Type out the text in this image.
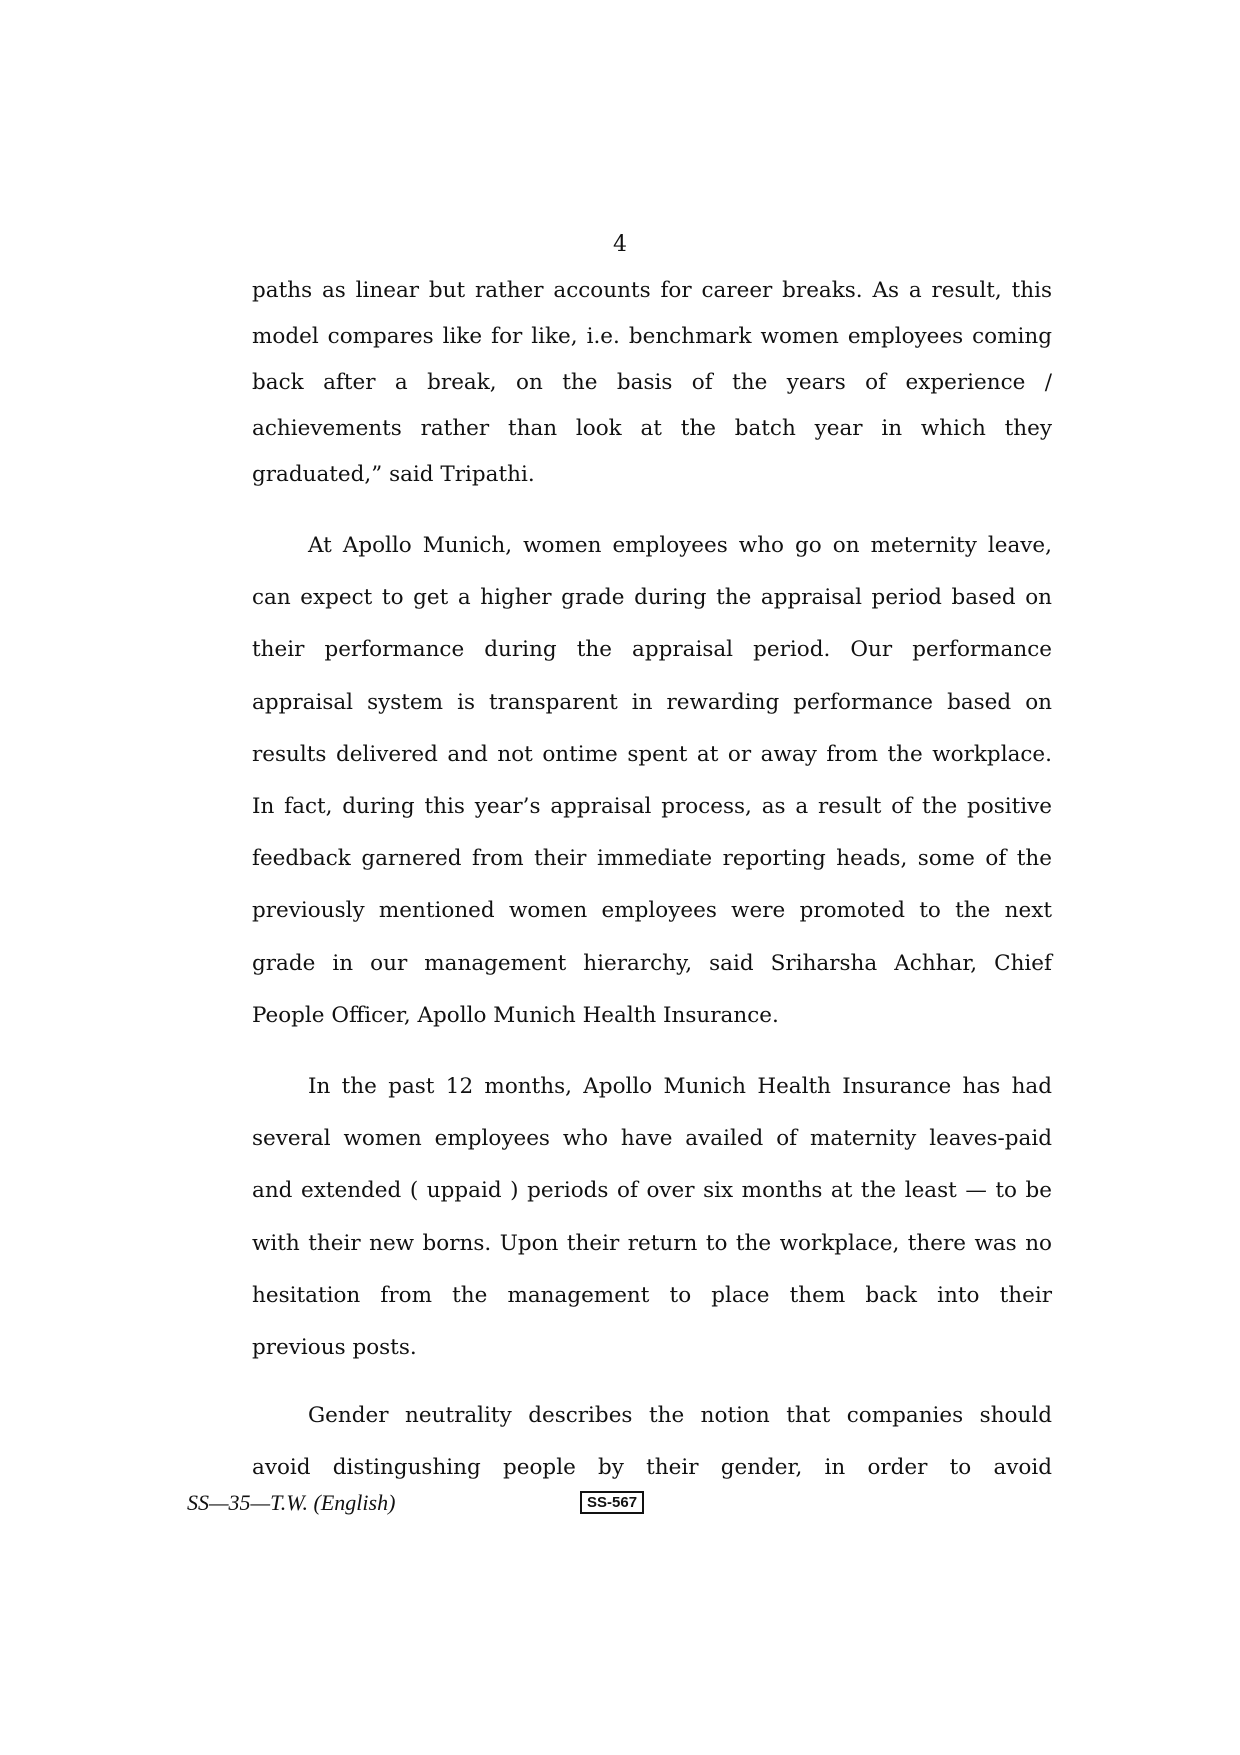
4

paths as linear but rather accounts for career breaks. As a result, this
model compares like for like, i.e. benchmark women employees coming
back after a break, on the basis of the years of experience /
achievements rather than look at the batch year in which they
graduated,” said Tripathi.

At Apollo Munich, women employees who go on meternity leave,
can expect to get a higher grade during the appraisal period based on
their performance during the appraisal period. Our performance
appraisal system is transparent in rewarding performance based on
results delivered and not ontime spent at or away from the workplace.
In fact, during this year’s appraisal process, as a result of the positive
feedback garnered from their immediate reporting heads, some of the
previously mentioned women employees were promoted to the next
grade in our management hierarchy, said Sriharsha Achhar, Chief
People Officer, Apollo Munich Health Insurance.

In the past 12 months, Apollo Munich Health Insurance has had
several women employees who have availed of maternity leaves-paid
and extended ( uppaid ) periods of over six months at the least — to be
with their new borns. Upon their return to the workplace, there was no
hesitation from the management to place them back into their
previous posts.

Gender neutrality describes the notion that companies should
avoid distingushing people by their gender, in order to avoid

SS—35—T.W. (English)	SS-567
